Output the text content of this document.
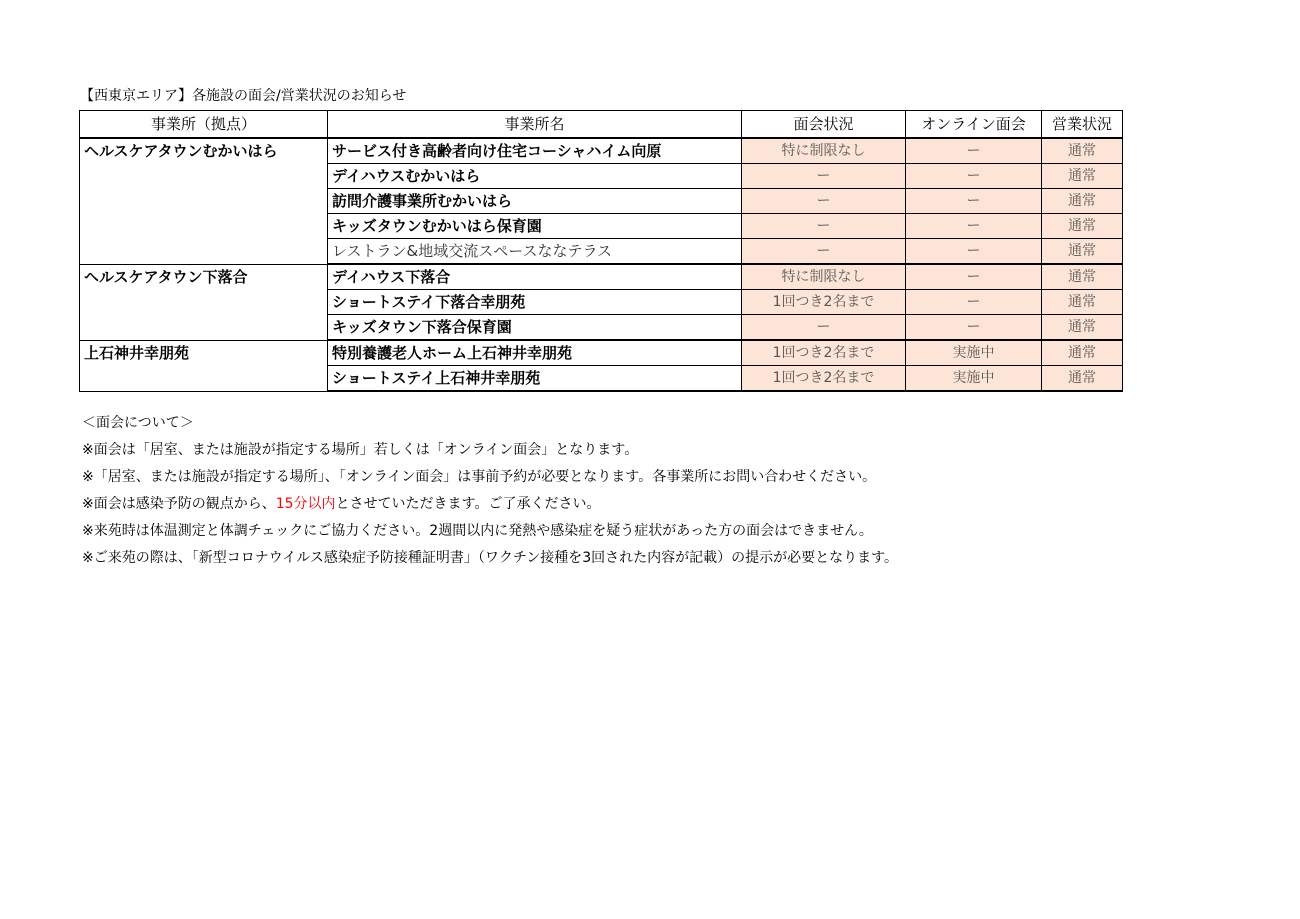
【西東京エリア】各施設の面会/営業状況のお知らせ
事業所（拠点）	事業所名	面会状況	オンライン面会	営業状況
ヘルスケアタウンむかいはら	サービス付き高齢者向け住宅コーシャハイム向原	特に制限なし	ー	通常
	デイハウスむかいはら	ー	ー	通常
	訪問介護事業所むかいはら	ー	ー	通常
	キッズタウンむかいはら保育園	ー	ー	通常
	レストラン&地域交流スペースななテラス	ー	ー	通常
ヘルスケアタウン下落合	デイハウス下落合	特に制限なし	ー	通常
	ショートステイ下落合幸朋苑	1回つき2名まで	ー	通常
	キッズタウン下落合保育園	ー	ー	通常
上石神井幸朋苑	特別養護老人ホーム上石神井幸朋苑	1回つき2名まで	実施中	通常
	ショートステイ上石神井幸朋苑	1回つき2名まで	実施中	通常
＜面会について＞
※面会は「居室、または施設が指定する場所」若しくは「オンライン面会」となります。
※「居室、または施設が指定する場所」、「オンライン面会」は事前予約が必要となります。各事業所にお問い合わせください。
※面会は感染予防の観点から、15分以内とさせていただきます。ご了承ください。
※来苑時は体温測定と体調チェックにご協力ください。2週間以内に発熱や感染症を疑う症状があった方の面会はできません。
※ご来苑の際は、「新型コロナウイルス感染症予防接種証明書」（ワクチン接種を3回された内容が記載）の提示が必要となります。
